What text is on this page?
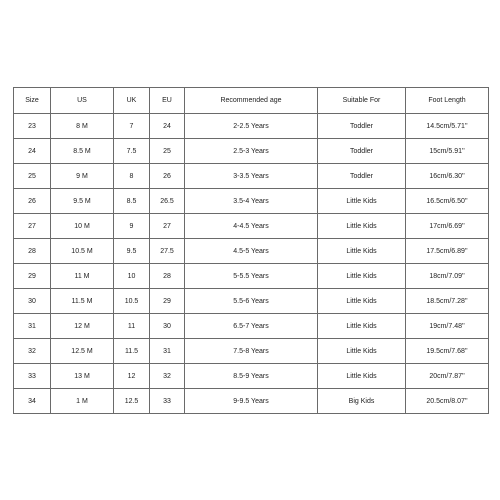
Size	US	UK	EU	Recommended age	Suitable For	Foot Length
23	8 M	7	24	2-2.5 Years	Toddler	14.5cm/5.71''
24	8.5 M	7.5	25	2.5-3 Years	Toddler	15cm/5.91''
25	9 M	8	26	3-3.5 Years	Toddler	16cm/6.30''
26	9.5 M	8.5	26.5	3.5-4 Years	Little Kids	16.5cm/6.50''
27	10 M	9	27	4-4.5 Years	Little Kids	17cm/6.69''
28	10.5 M	9.5	27.5	4.5-5 Years	Little Kids	17.5cm/6.89''
29	11 M	10	28	5-5.5 Years	Little Kids	18cm/7.09''
30	11.5 M	10.5	29	5.5-6 Years	Little Kids	18.5cm/7.28''
31	12 M	11	30	6.5-7 Years	Little Kids	19cm/7.48''
32	12.5 M	11.5	31	7.5-8 Years	Little Kids	19.5cm/7.68''
33	13 M	12	32	8.5-9 Years	Little Kids	20cm/7.87''
34	1 M	12.5	33	9-9.5 Years	Big Kids	20.5cm/8.07''
